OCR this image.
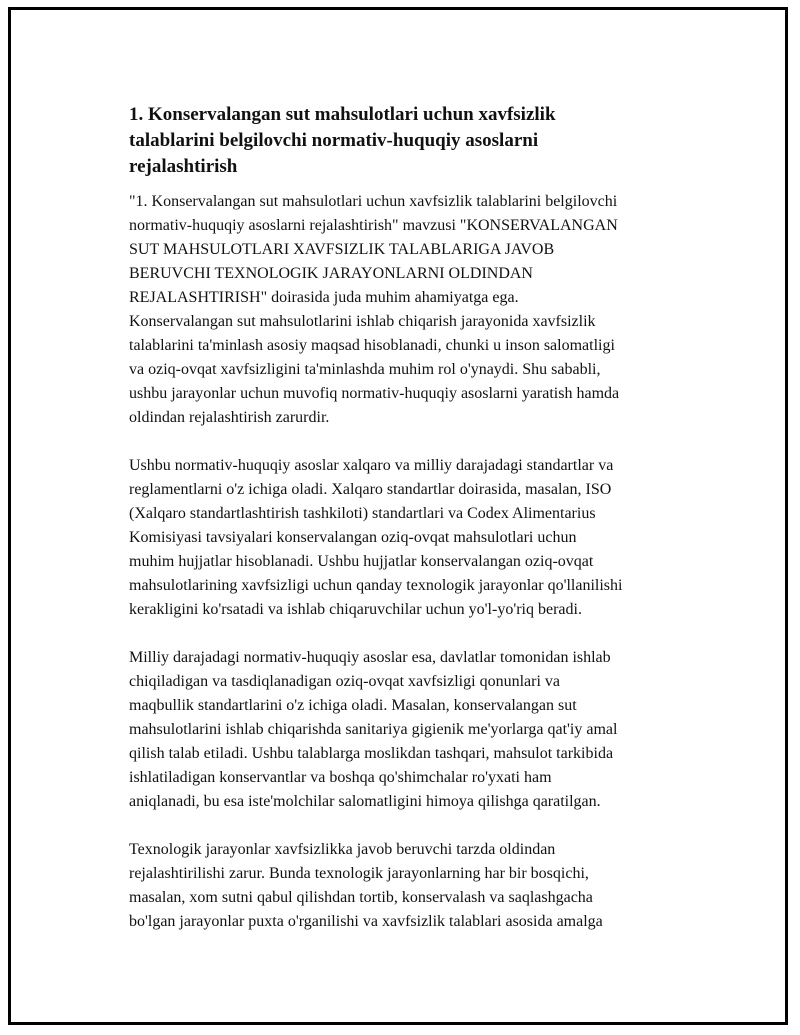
1. Konservalangan sut mahsulotlari uchun xavfsizlik
talablarini belgilovchi normativ-huquqiy asoslarni
rejalashtirish

"1. Konservalangan sut mahsulotlari uchun xavfsizlik talablarini belgilovchi
normativ-huquqiy asoslarni rejalashtirish" mavzusi "KONSERVALANGAN
SUT MAHSULOTLARI XAVFSIZLIK TALABLARIGA JAVOB
BERUVCHI TEXNOLOGIK JARAYONLARNI OLDINDAN
REJALASHTIRISH" doirasida juda muhim ahamiyatga ega.
Konservalangan sut mahsulotlarini ishlab chiqarish jarayonida xavfsizlik
talablarini ta'minlash asosiy maqsad hisoblanadi, chunki u inson salomatligi
va oziq-ovqat xavfsizligini ta'minlashda muhim rol o'ynaydi. Shu sababli,
ushbu jarayonlar uchun muvofiq normativ-huquqiy asoslarni yaratish hamda
oldindan rejalashtirish zarurdir.

Ushbu normativ-huquqiy asoslar xalqaro va milliy darajadagi standartlar va
reglamentlarni o'z ichiga oladi. Xalqaro standartlar doirasida, masalan, ISO
(Xalqaro standartlashtirish tashkiloti) standartlari va Codex Alimentarius
Komisiyasi tavsiyalari konservalangan oziq-ovqat mahsulotlari uchun
muhim hujjatlar hisoblanadi. Ushbu hujjatlar konservalangan oziq-ovqat
mahsulotlarining xavfsizligi uchun qanday texnologik jarayonlar qo'llanilishi
kerakligini ko'rsatadi va ishlab chiqaruvchilar uchun yo'l-yo'riq beradi.

Milliy darajadagi normativ-huquqiy asoslar esa, davlatlar tomonidan ishlab
chiqiladigan va tasdiqlanadigan oziq-ovqat xavfsizligi qonunlari va
maqbullik standartlarini o'z ichiga oladi. Masalan, konservalangan sut
mahsulotlarini ishlab chiqarishda sanitariya gigienik me'yorlarga qat'iy amal
qilish talab etiladi. Ushbu talablarga moslikdan tashqari, mahsulot tarkibida
ishlatiladigan konservantlar va boshqa qo'shimchalar ro'yxati ham
aniqlanadi, bu esa iste'molchilar salomatligini himoya qilishga qaratilgan.

Texnologik jarayonlar xavfsizlikka javob beruvchi tarzda oldindan
rejalashtirilishi zarur. Bunda texnologik jarayonlarning har bir bosqichi,
masalan, xom sutni qabul qilishdan tortib, konservalash va saqlashgacha
bo'lgan jarayonlar puxta o'rganilishi va xavfsizlik talablari asosida amalga
